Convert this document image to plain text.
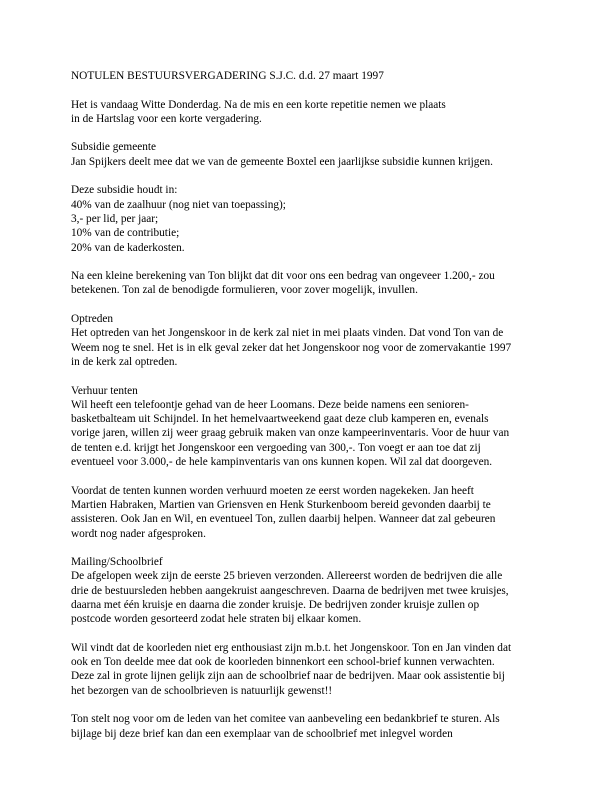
NOTULEN BESTUURSVERGADERING S.J.C. d.d. 27 maart 1997
Het is vandaag Witte Donderdag. Na de mis en een korte repetitie nemen we plaats
in de Hartslag voor een korte vergadering.
Subsidie gemeente
Jan Spijkers deelt mee dat we van de gemeente Boxtel een jaarlijkse subsidie kunnen krijgen.
Deze subsidie houdt in:
40% van de zaalhuur (nog niet van toepassing);
3,- per lid, per jaar;
10% van de contributie;
20% van de kaderkosten.
Na een kleine berekening van Ton blijkt dat dit voor ons een bedrag van ongeveer 1.200,- zou
betekenen. Ton zal de benodigde formulieren, voor zover mogelijk, invullen.
Optreden
Het optreden van het Jongenskoor in de kerk zal niet in mei plaats vinden. Dat vond Ton van de
Weem nog te snel. Het is in elk geval zeker dat het Jongenskoor nog voor de zomervakantie 1997
in de kerk zal optreden.
Verhuur tenten
Wil heeft een telefoontje gehad van de heer Loomans. Deze beide namens een senioren-
basketbalteam uit Schijndel. In het hemelvaartweekend gaat deze club kamperen en, evenals
vorige jaren, willen zij weer graag gebruik maken van onze kampeerinventaris. Voor de huur van
de tenten e.d. krijgt het Jongenskoor een vergoeding van 300,-. Ton voegt er aan toe dat zij
eventueel voor 3.000,- de hele kampinventaris van ons kunnen kopen. Wil zal dat doorgeven.
Voordat de tenten kunnen worden verhuurd moeten ze eerst worden nagekeken. Jan heeft
Martien Habraken, Martien van Griensven en Henk Sturkenboom bereid gevonden daarbij te
assisteren. Ook Jan en Wil, en eventueel Ton, zullen daarbij helpen. Wanneer dat zal gebeuren
wordt nog nader afgesproken.
Mailing/Schoolbrief
De afgelopen week zijn de eerste 25 brieven verzonden. Allereerst worden de bedrijven die alle
drie de bestuursleden hebben aangekruist aangeschreven. Daarna de bedrijven met twee kruisjes,
daarna met één kruisje en daarna die zonder kruisje. De bedrijven zonder kruisje zullen op
postcode worden gesorteerd zodat hele straten bij elkaar komen.
Wil vindt dat de koorleden niet erg enthousiast zijn m.b.t. het Jongenskoor. Ton en Jan vinden dat
ook en Ton deelde mee dat ook de koorleden binnenkort een school-brief kunnen verwachten.
Deze zal in grote lijnen gelijk zijn aan de schoolbrief naar de bedrijven. Maar ook assistentie bij
het bezorgen van de schoolbrieven is natuurlijk gewenst!!
Ton stelt nog voor om de leden van het comitee van aanbeveling een bedankbrief te sturen. Als
bijlage bij deze brief kan dan een exemplaar van de schoolbrief met inlegvel worden
